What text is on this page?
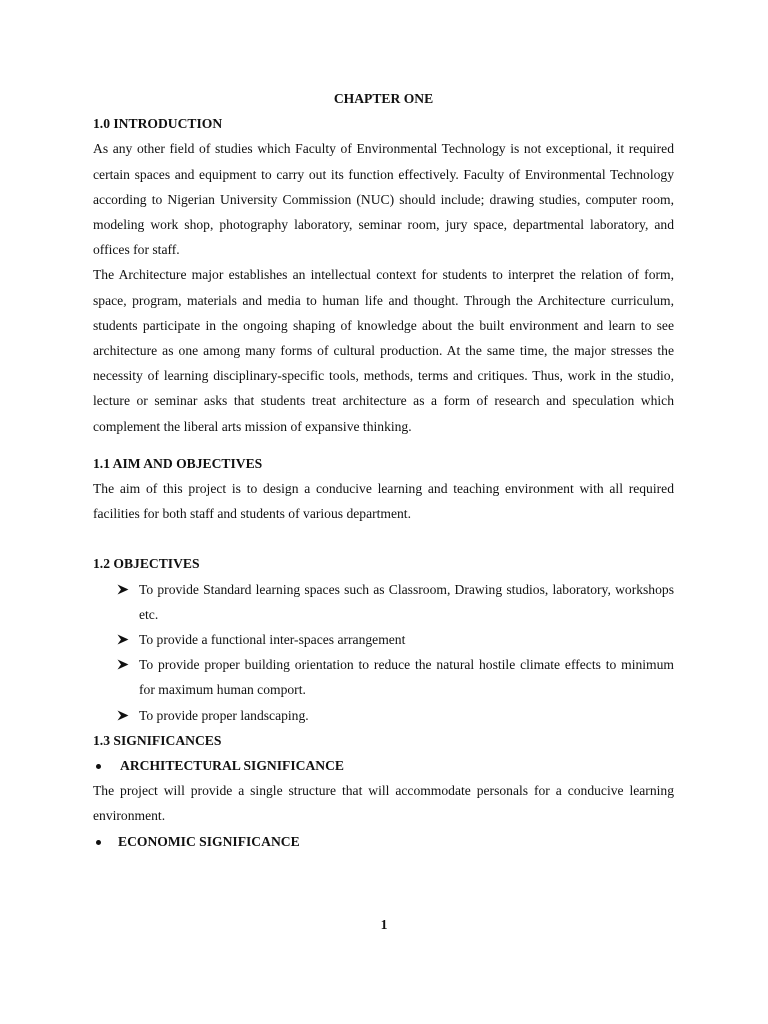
CHAPTER ONE

1.0 INTRODUCTION

As any other field of studies which Faculty of Environmental Technology is not exceptional, it required certain spaces and equipment to carry out its function effectively. Faculty of Environmental Technology according to Nigerian University Commission (NUC) should include; drawing studies, computer room, modeling work shop, photography laboratory, seminar room, jury space, departmental laboratory, and offices for staff.

The Architecture major establishes an intellectual context for students to interpret the relation of form, space, program, materials and media to human life and thought. Through the Architecture curriculum, students participate in the ongoing shaping of knowledge about the built environment and learn to see architecture as one among many forms of cultural production. At the same time, the major stresses the necessity of learning disciplinary-specific tools, methods, terms and critiques. Thus, work in the studio, lecture or seminar asks that students treat architecture as a form of research and speculation which complement the liberal arts mission of expansive thinking.

1.1 AIM AND OBJECTIVES

The aim of this project is to design a conducive learning and teaching environment with all required facilities for both staff and students of various department.

1.2 OBJECTIVES

To provide Standard learning spaces such as Classroom, Drawing studios, laboratory, workshops etc.
To provide a functional inter-spaces arrangement
To provide proper building orientation to reduce the natural hostile climate effects to minimum for maximum human comport.
To provide proper landscaping.

1.3 SIGNIFICANCES

ARCHITECTURAL SIGNIFICANCE

The project will provide a single structure that will accommodate personals for a conducive learning environment.

ECONOMIC SIGNIFICANCE
1
